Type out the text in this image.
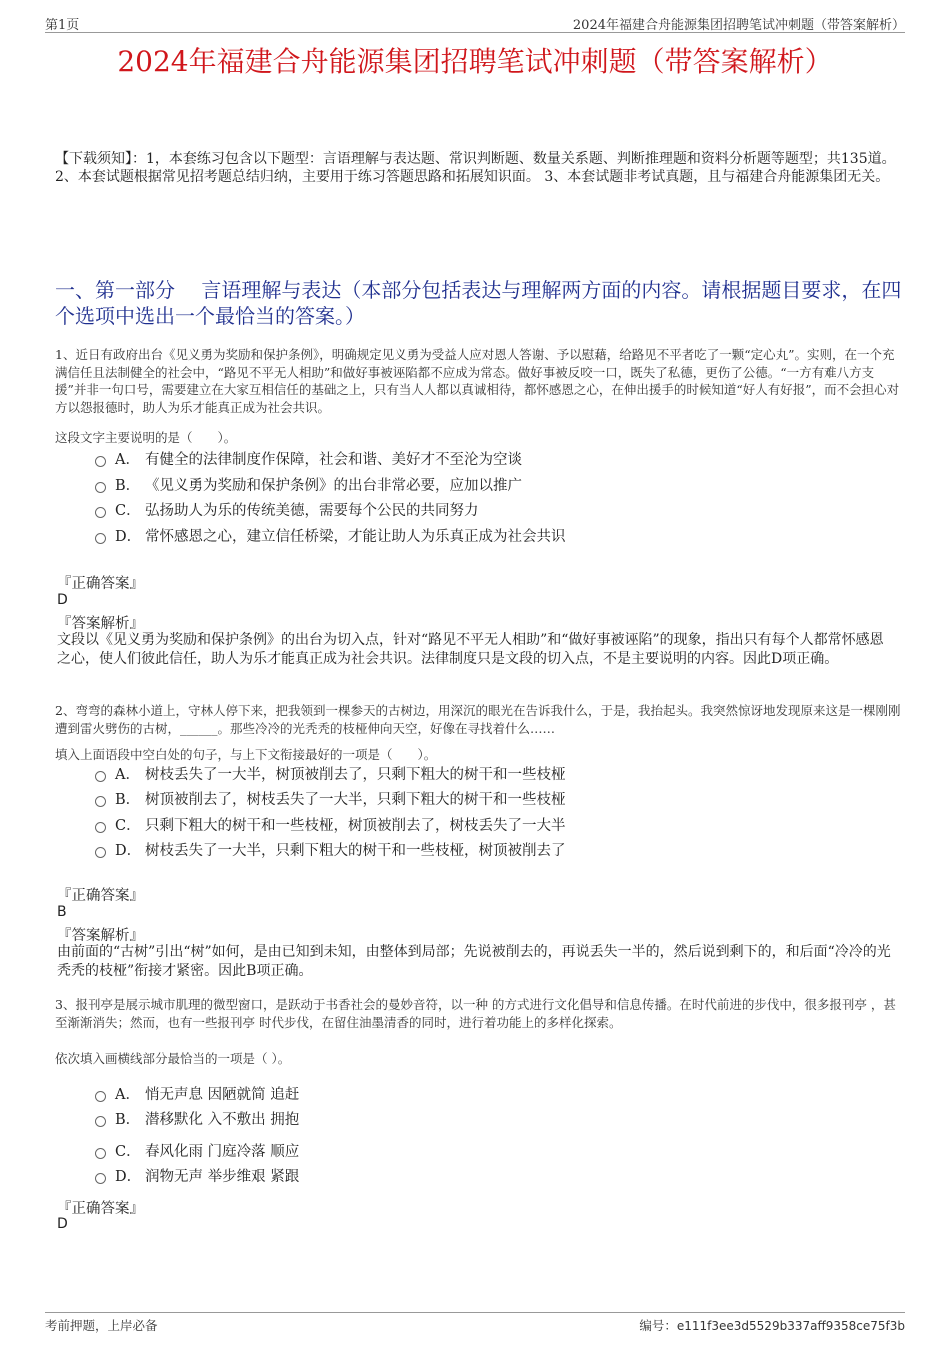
第1页	2024年福建合舟能源集团招聘笔试冲刺题（带答案解析）
2024年福建合舟能源集团招聘笔试冲刺题（带答案解析）
【下载须知】：1，本套练习包含以下题型：言语理解与表达题、常识判断题、数量关系题、判断推理题和资料分析题等题型；共135道。 2、本套试题根据常见招考题总结归纳，主要用于练习答题思路和拓展知识面。 3、本套试题非考试真题，且与福建合舟能源集团无关。
一、第一部分　 言语理解与表达（本部分包括表达与理解两方面的内容。请根据题目要求，在四个选项中选出一个最恰当的答案。）
1、近日有政府出台《见义勇为奖励和保护条例》，明确规定见义勇为受益人应对恩人答谢、予以慰藉，给路见不平者吃了一颗“定心丸”。实则，在一个充满信任且法制健全的社会中，“路见不平无人相助”和做好事被诬陷都不应成为常态。做好事被反咬一口，既失了私德，更伤了公德。“一方有难八方支援”并非一句口号，需要建立在大家互相信任的基础之上，只有当人人都以真诚相待，都怀感恩之心，在伸出援手的时候知道“好人有好报”，而不会担心对方以怨报德时，助人为乐才能真正成为社会共识。
这段文字主要说明的是（　　）。
A． 有健全的法律制度作保障，社会和谐、美好才不至沦为空谈
B． 《见义勇为奖励和保护条例》的出台非常必要，应加以推广
C． 弘扬助人为乐的传统美德，需要每个公民的共同努力
D． 常怀感恩之心，建立信任桥梁，才能让助人为乐真正成为社会共识
『正确答案』
D
『答案解析』
文段以《见义勇为奖励和保护条例》的出台为切入点，针对“路见不平无人相助”和“做好事被诬陷”的现象，指出只有每个人都常怀感恩之心，使人们彼此信任，助人为乐才能真正成为社会共识。法律制度只是文段的切入点，不是主要说明的内容。因此D项正确。
2、弯弯的森林小道上，守林人停下来，把我领到一棵参天的古树边，用深沉的眼光在告诉我什么，于是，我抬起头。我突然惊讶地发现原来这是一棵刚刚遭到雷火劈伤的古树，______。那些冷冷的光秃秃的枝桠伸向天空，好像在寻找着什么……
填入上面语段中空白处的句子，与上下文衔接最好的一项是（　　）。
A． 树枝丢失了一大半，树顶被削去了，只剩下粗大的树干和一些枝桠
B． 树顶被削去了，树枝丢失了一大半，只剩下粗大的树干和一些枝桠
C． 只剩下粗大的树干和一些枝桠，树顶被削去了，树枝丢失了一大半
D． 树枝丢失了一大半，只剩下粗大的树干和一些枝桠，树顶被削去了
『正确答案』
B
『答案解析』
由前面的“古树”引出“树”如何，是由已知到未知，由整体到局部；先说被削去的，再说丢失一半的，然后说到剩下的，和后面“冷冷的光秃秃的枝桠”衔接才紧密。因此B项正确。
3、报刊亭是展示城市肌理的微型窗口，是跃动于书香社会的曼妙音符，以一种 的方式进行文化倡导和信息传播。在时代前进的步伐中，很多报刊亭 ，甚至渐渐消失；然而，也有一些报刊亭 时代步伐，在留住油墨清香的同时，进行着功能上的多样化探索。
依次填入画横线部分最恰当的一项是（ ）。
A． 悄无声息 因陋就简 追赶
B． 潜移默化 入不敷出 拥抱
C． 春风化雨 门庭冷落 顺应
D． 润物无声 举步维艰 紧跟
『正确答案』
D
考前押题，上岸必备	编号：e111f3ee3d5529b337aff9358ce75f3b
